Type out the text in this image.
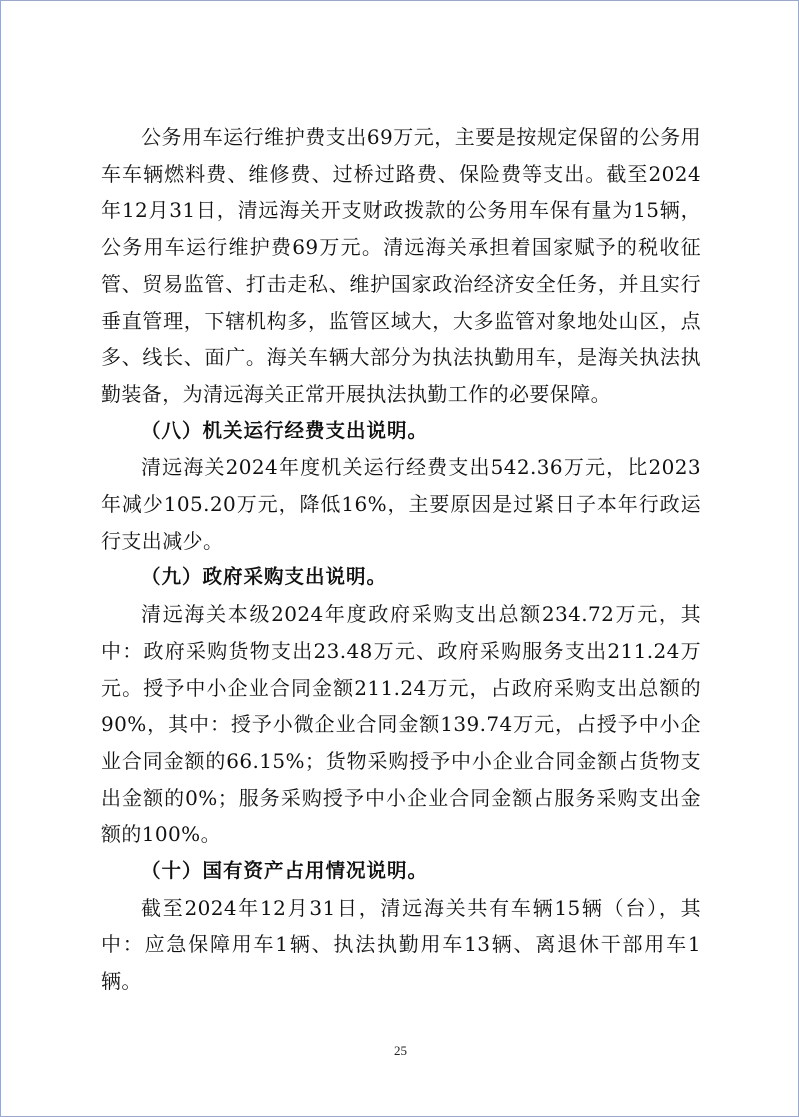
公务用车运行维护费支出69万元，主要是按规定保留的公务用车车辆燃料费、维修费、过桥过路费、保险费等支出。截至2024年12月31日，清远海关开支财政拨款的公务用车保有量为15辆，公务用车运行维护费69万元。清远海关承担着国家赋予的税收征管、贸易监管、打击走私、维护国家政治经济安全任务，并且实行垂直管理，下辖机构多，监管区域大，大多监管对象地处山区，点多、线长、面广。海关车辆大部分为执法执勤用车，是海关执法执勤装备，为清远海关正常开展执法执勤工作的必要保障。

（八）机关运行经费支出说明。

清远海关2024年度机关运行经费支出542.36万元，比2023年减少105.20万元，降低16%，主要原因是过紧日子本年行政运行支出减少。

（九）政府采购支出说明。

清远海关本级2024年度政府采购支出总额234.72万元，其中：政府采购货物支出23.48万元、政府采购服务支出211.24万元。授予中小企业合同金额211.24万元，占政府采购支出总额的90%，其中：授予小微企业合同金额139.74万元，占授予中小企业合同金额的66.15%；货物采购授予中小企业合同金额占货物支出金额的0%；服务采购授予中小企业合同金额占服务采购支出金额的100%。

（十）国有资产占用情况说明。

截至2024年12月31日，清远海关共有车辆15辆（台），其中：应急保障用车1辆、执法执勤用车13辆、离退休干部用车1辆。

25
